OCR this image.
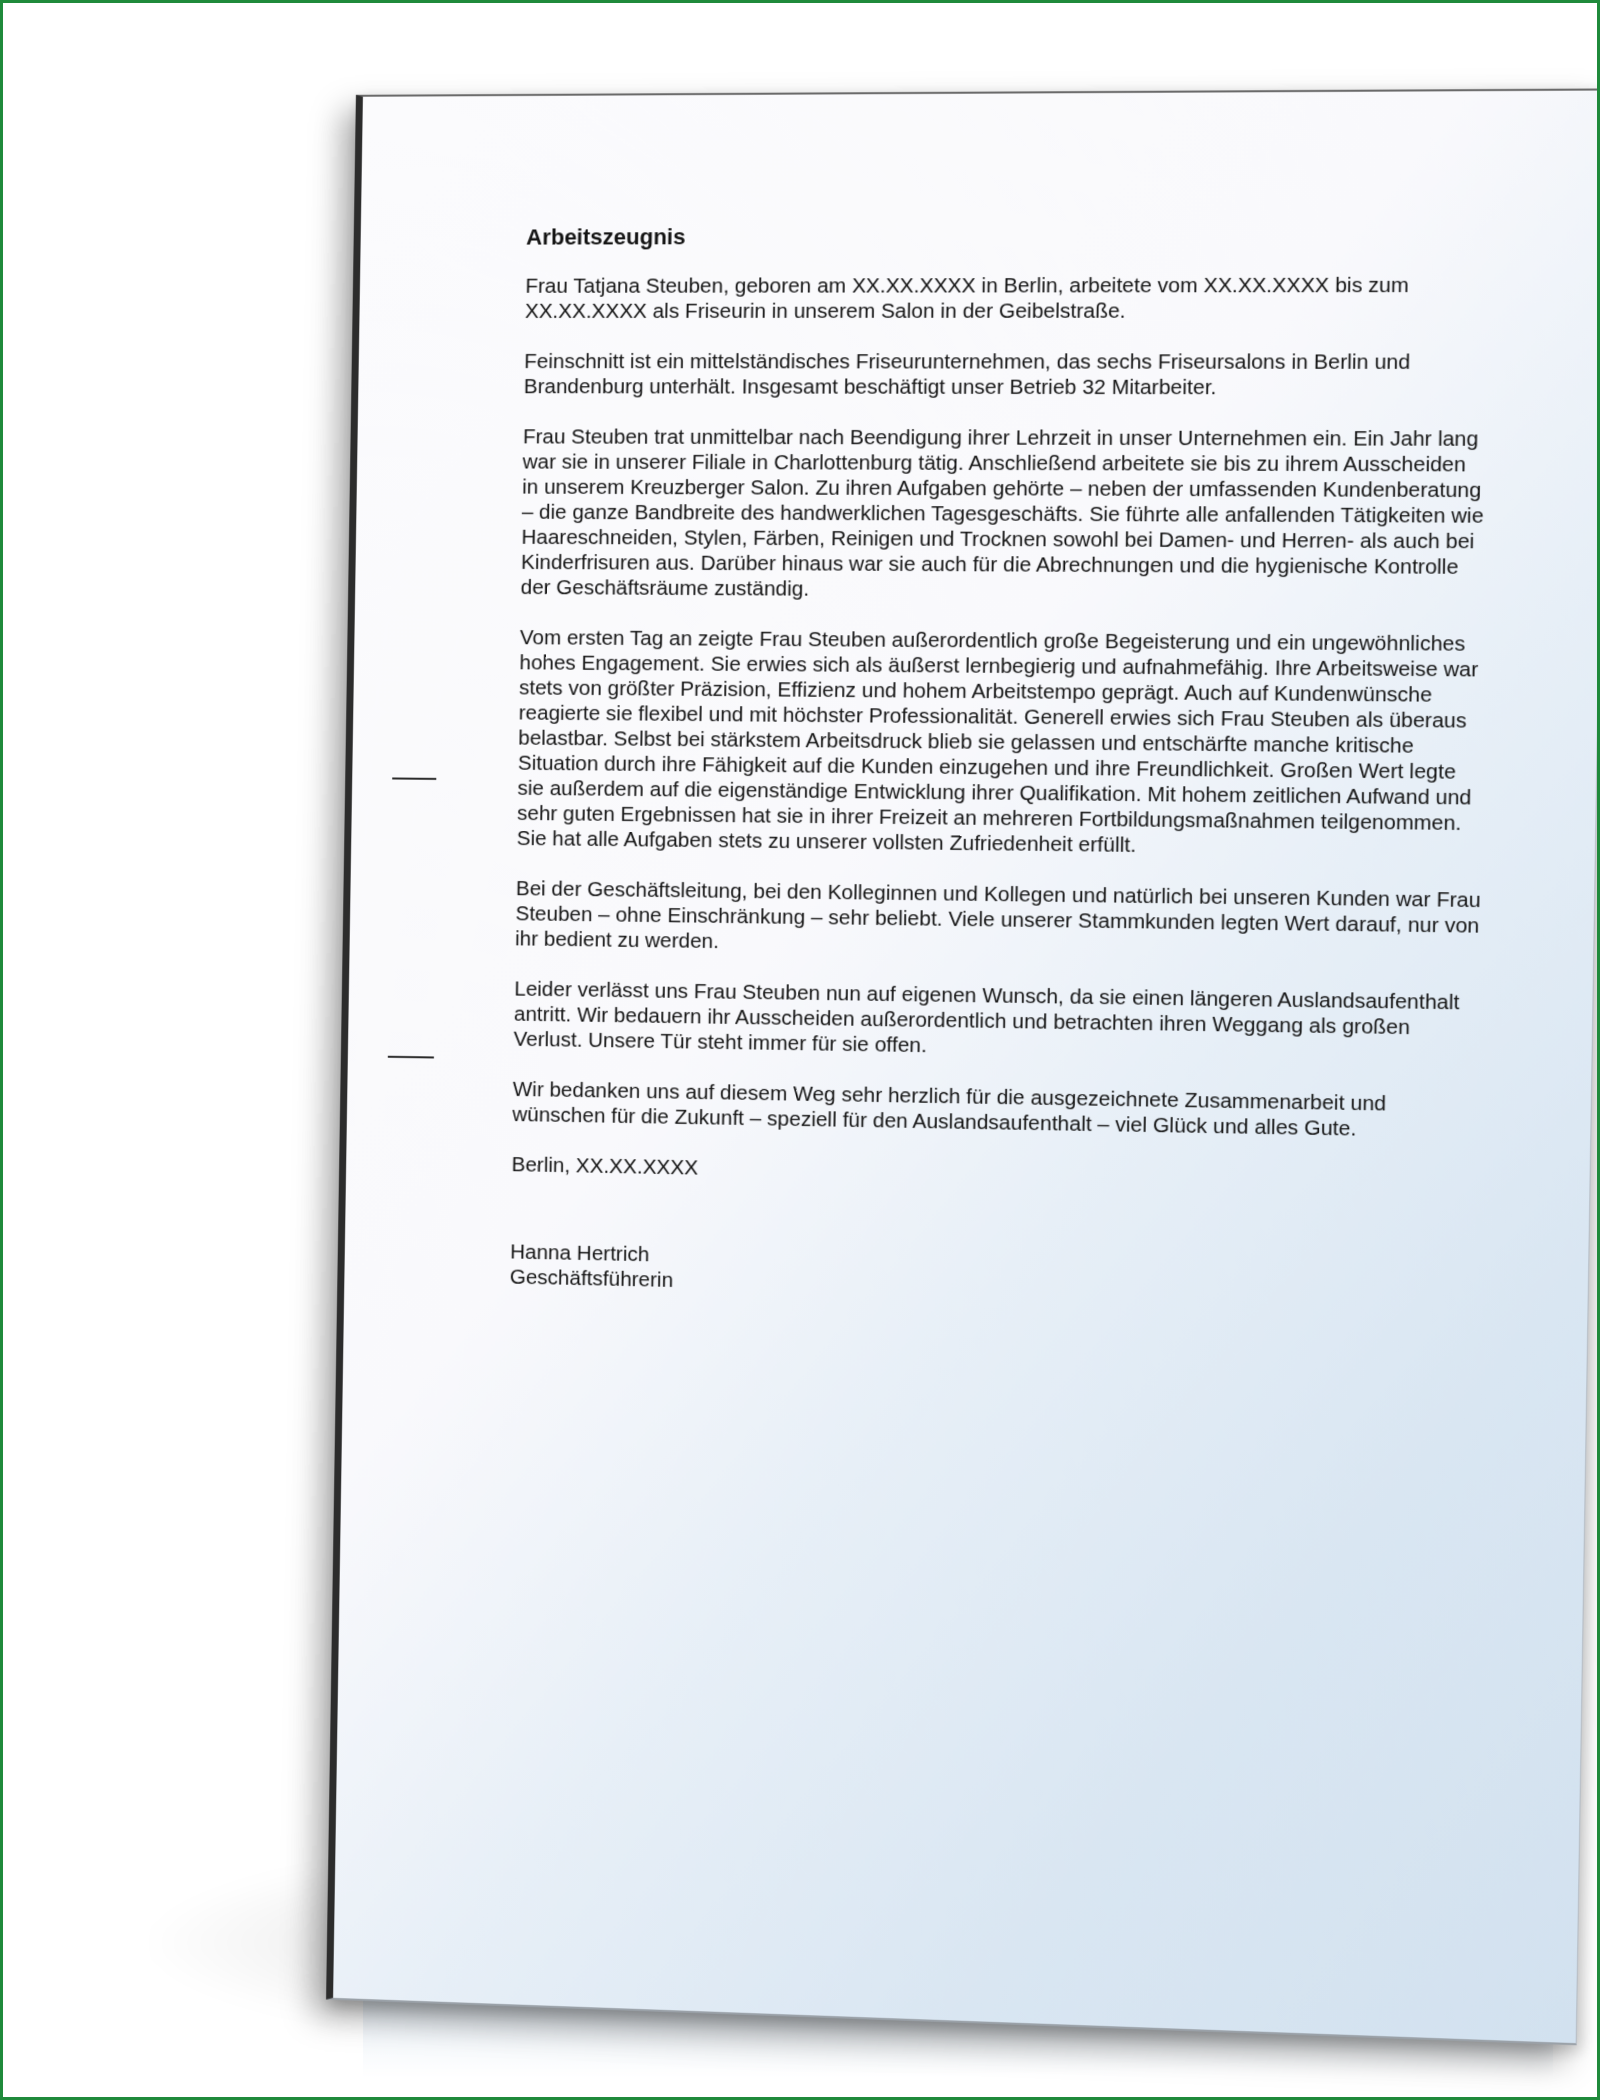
Arbeitszeugnis

Frau Tatjana Steuben, geboren am XX.XX.XXXX in Berlin, arbeitete vom XX.XX.XXXX bis zum XX.XX.XXXX als Friseurin in unserem Salon in der Geibelstraße.

Feinschnitt ist ein mittelständisches Friseurunternehmen, das sechs Friseursalons in Berlin und Brandenburg unterhält. Insgesamt beschäftigt unser Betrieb 32 Mitarbeiter.

Frau Steuben trat unmittelbar nach Beendigung ihrer Lehrzeit in unser Unternehmen ein. Ein Jahr lang war sie in unserer Filiale in Charlottenburg tätig. Anschließend arbeitete sie bis zu ihrem Ausscheiden in unserem Kreuzberger Salon. Zu ihren Aufgaben gehörte – neben der umfassenden Kundenberatung – die ganze Bandbreite des handwerklichen Tagesgeschäfts. Sie führte alle anfallenden Tätigkeiten wie Haareschneiden, Stylen, Färben, Reinigen und Trocknen sowohl bei Damen- und Herren- als auch bei Kinderfrisuren aus. Darüber hinaus war sie auch für die Abrechnungen und die hygienische Kontrolle der Geschäftsräume zuständig.

Vom ersten Tag an zeigte Frau Steuben außerordentlich große Begeisterung und ein ungewöhnliches hohes Engagement. Sie erwies sich als äußerst lernbegierig und aufnahmefähig. Ihre Arbeitsweise war stets von größter Präzision, Effizienz und hohem Arbeitstempo geprägt. Auch auf Kundenwünsche reagierte sie flexibel und mit höchster Professionalität. Generell erwies sich Frau Steuben als überaus belastbar. Selbst bei stärkstem Arbeitsdruck blieb sie gelassen und entschärfte manche kritische Situation durch ihre Fähigkeit auf die Kunden einzugehen und ihre Freundlichkeit. Großen Wert legte sie außerdem auf die eigenständige Entwicklung ihrer Qualifikation. Mit hohem zeitlichen Aufwand und sehr guten Ergebnissen hat sie in ihrer Freizeit an mehreren Fortbildungsmaßnahmen teilgenommen. Sie hat alle Aufgaben stets zu unserer vollsten Zufriedenheit erfüllt.

Bei der Geschäftsleitung, bei den Kolleginnen und Kollegen und natürlich bei unseren Kunden war Frau Steuben – ohne Einschränkung – sehr beliebt. Viele unserer Stammkunden legten Wert darauf, nur von ihr bedient zu werden.

Leider verlässt uns Frau Steuben nun auf eigenen Wunsch, da sie einen längeren Auslandsaufenthalt antritt. Wir bedauern ihr Ausscheiden außerordentlich und betrachten ihren Weggang als großen Verlust. Unsere Tür steht immer für sie offen.

Wir bedanken uns auf diesem Weg sehr herzlich für die ausgezeichnete Zusammenarbeit und wünschen für die Zukunft – speziell für den Auslandsaufenthalt – viel Glück und alles Gute.

Berlin, XX.XX.XXXX

Hanna Hertrich

Geschäftsführerin
